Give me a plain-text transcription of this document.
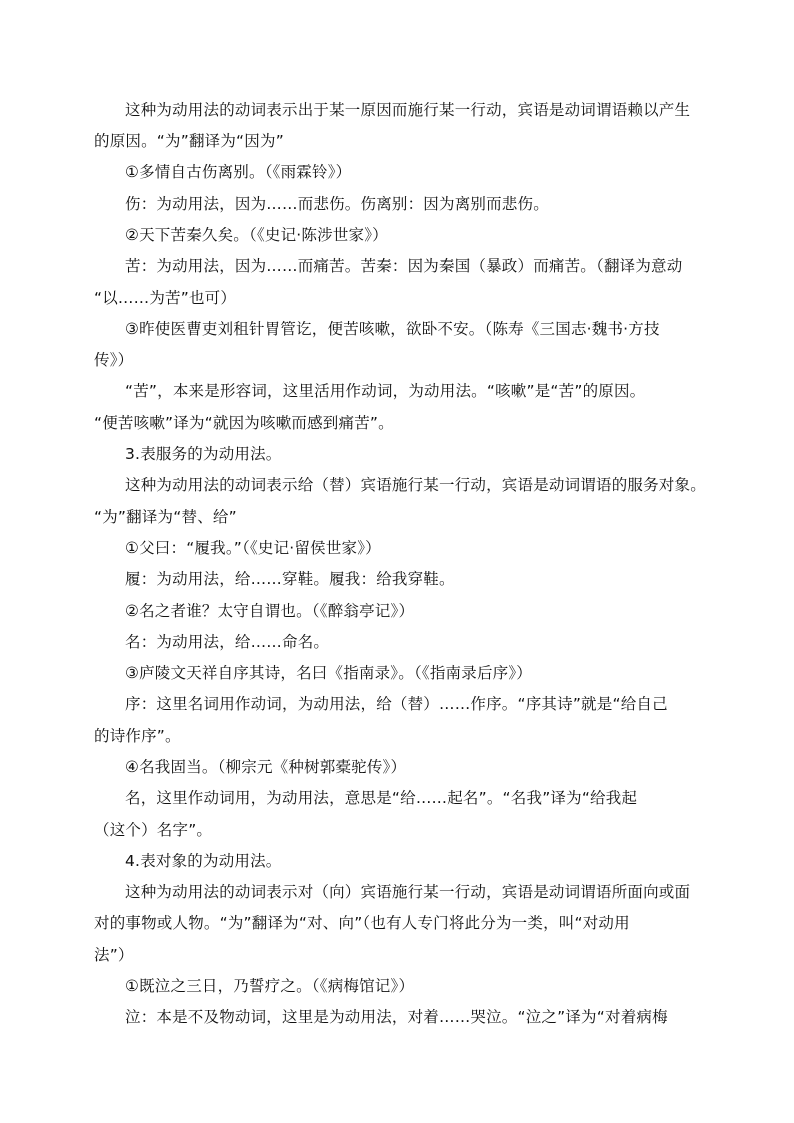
这种为动用法的动词表示出于某一原因而施行某一行动，宾语是动词谓语赖以产生
的原因。“为”翻译为“因为”
①多情自古伤离别。（《雨霖铃》）
伤：为动用法，因为……而悲伤。伤离别：因为离别而悲伤。
②天下苦秦久矣。（《史记·陈涉世家》）
苦：为动用法，因为……而痛苦。苦秦：因为秦国（暴政）而痛苦。（翻译为意动
“以……为苦”也可）
③昨使医曹吏刘租针胃管讫，便苦咳嗽，欲卧不安。（陈寿《三国志·魏书·方技
传》）
“苦”，本来是形容词，这里活用作动词，为动用法。“咳嗽”是“苦”的原因。
“便苦咳嗽”译为“就因为咳嗽而感到痛苦”。
3.表服务的为动用法。
这种为动用法的动词表示给（替）宾语施行某一行动，宾语是动词谓语的服务对象。
“为”翻译为“替、给”
①父曰：“履我。”（《史记·留侯世家》）
履：为动用法，给……穿鞋。履我：给我穿鞋。
②名之者谁？太守自谓也。（《醉翁亭记》）
名：为动用法，给……命名。
③庐陵文天祥自序其诗，名曰《指南录》。（《指南录后序》）
序：这里名词用作动词，为动用法，给（替）……作序。“序其诗”就是“给自己
的诗作序”。
④名我固当。（柳宗元《种树郭橐驼传》）
名，这里作动词用，为动用法，意思是“给……起名”。“名我”译为“给我起
（这个）名字”。
4.表对象的为动用法。
这种为动用法的动词表示对（向）宾语施行某一行动，宾语是动词谓语所面向或面
对的事物或人物。“为”翻译为“对、向”（也有人专门将此分为一类，叫“对动用
法”）
①既泣之三日，乃誓疗之。（《病梅馆记》）
泣：本是不及物动词，这里是为动用法，对着……哭泣。“泣之”译为“对着病梅
